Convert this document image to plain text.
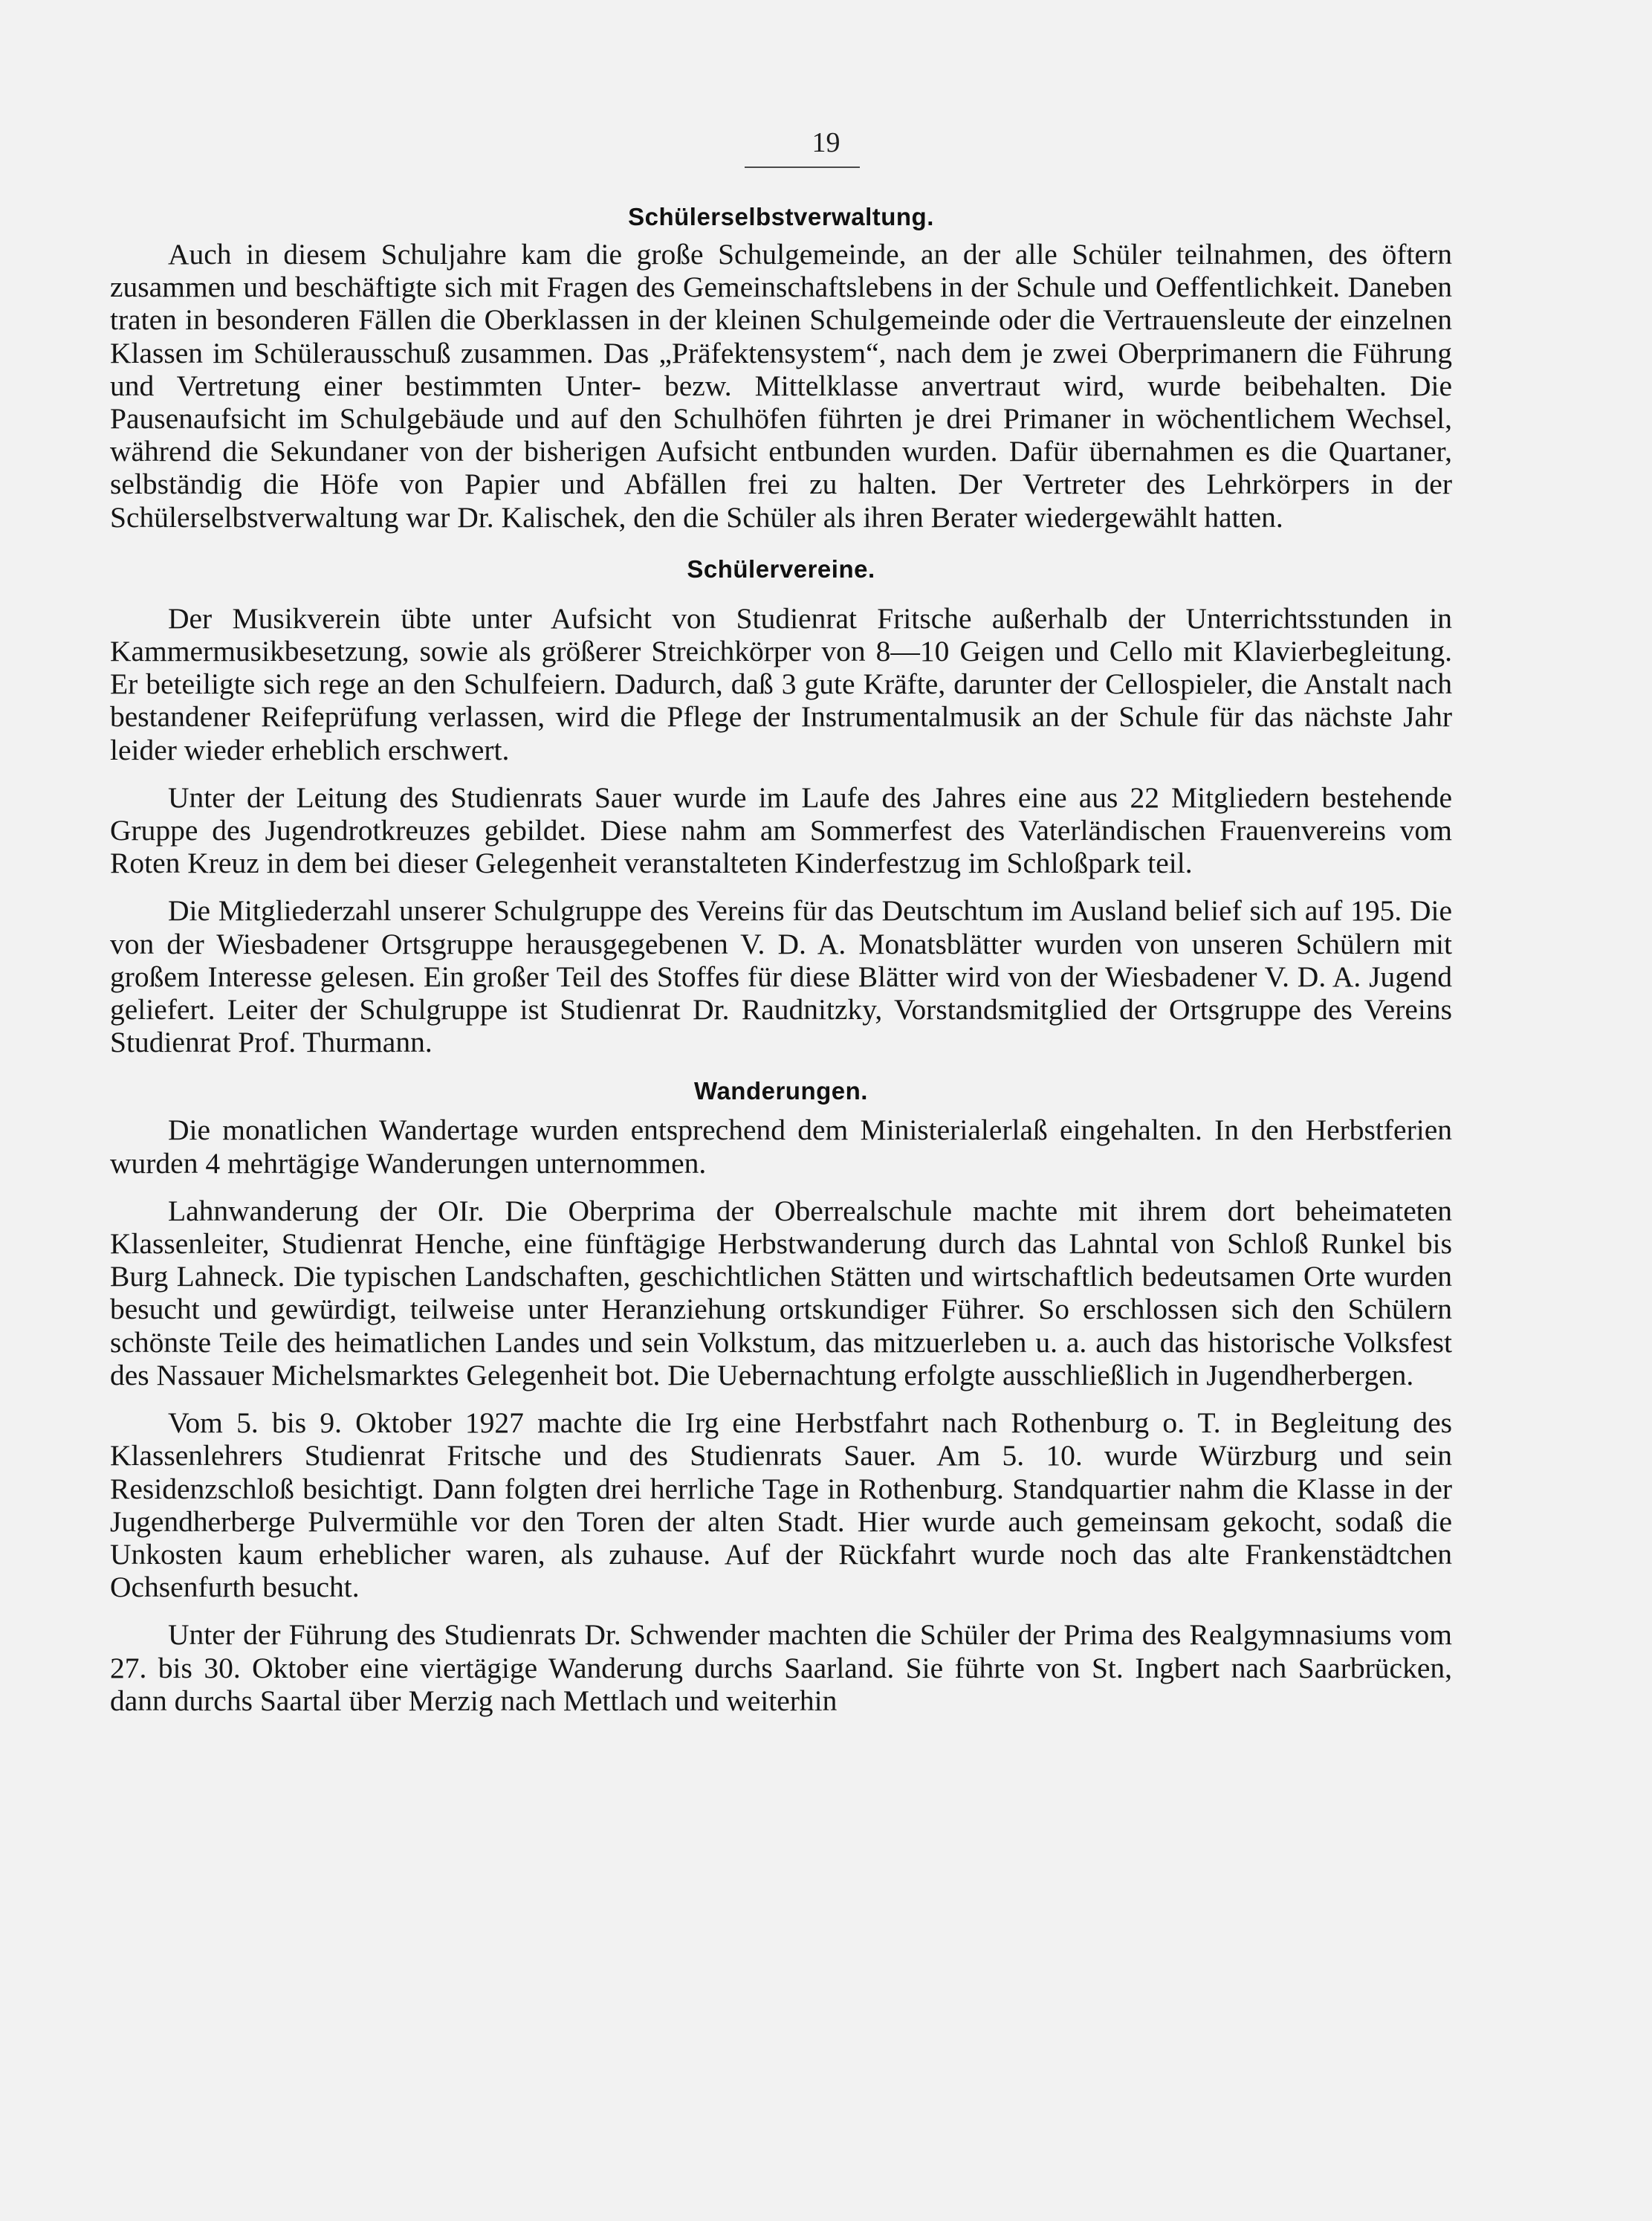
19
Schülerselbstverwaltung.

Auch in diesem Schuljahre kam die große Schulgemeinde, an der alle Schüler teilnahmen, des öftern zusammen und beschäftigte sich mit Fragen des Gemeinschaftslebens in der Schule und Oeffentlichkeit. Daneben traten in besonderen Fällen die Oberklassen in der kleinen Schulgemeinde oder die Vertrauensleute der einzelnen Klassen im Schülerausschuß zusammen. Das „Präfektensystem“, nach dem je zwei Oberprimanern die Führung und Vertretung einer bestimmten Unter- bezw. Mittelklasse anvertraut wird, wurde beibehalten. Die Pausenaufsicht im Schulgebäude und auf den Schulhöfen führten je drei Primaner in wöchentlichem Wechsel, während die Sekundaner von der bisherigen Aufsicht entbunden wurden. Dafür übernahmen es die Quartaner, selbständig die Höfe von Papier und Abfällen frei zu halten. Der Vertreter des Lehrkörpers in der Schülerselbstverwaltung war Dr. Kalischek, den die Schüler als ihren Berater wiedergewählt hatten.

Schülervereine.

Der Musikverein übte unter Aufsicht von Studienrat Fritsche außerhalb der Unterrichtsstunden in Kammermusikbesetzung, sowie als größerer Streichkörper von 8—10 Geigen und Cello mit Klavierbegleitung. Er beteiligte sich rege an den Schulfeiern. Dadurch, daß 3 gute Kräfte, darunter der Cellospieler, die Anstalt nach bestandener Reifeprüfung verlassen, wird die Pflege der Instrumentalmusik an der Schule für das nächste Jahr leider wieder erheblich erschwert.

Unter der Leitung des Studienrats Sauer wurde im Laufe des Jahres eine aus 22 Mitgliedern bestehende Gruppe des Jugendrotkreuzes gebildet. Diese nahm am Sommerfest des Vaterländischen Frauenvereins vom Roten Kreuz in dem bei dieser Gelegenheit veranstalteten Kinderfestzug im Schloßpark teil.

Die Mitgliederzahl unserer Schulgruppe des Vereins für das Deutschtum im Ausland belief sich auf 195. Die von der Wiesbadener Ortsgruppe herausgegebenen V. D. A. Monatsblätter wurden von unseren Schülern mit großem Interesse gelesen. Ein großer Teil des Stoffes für diese Blätter wird von der Wiesbadener V. D. A. Jugend geliefert. Leiter der Schulgruppe ist Studienrat Dr. Raudnitzky, Vorstandsmitglied der Ortsgruppe des Vereins Studienrat Prof. Thurmann.

Wanderungen.

Die monatlichen Wandertage wurden entsprechend dem Ministerialerlaß eingehalten. In den Herbstferien wurden 4 mehrtägige Wanderungen unternommen.

Lahnwanderung der OIr. Die Oberprima der Oberrealschule machte mit ihrem dort beheimateten Klassenleiter, Studienrat Henche, eine fünftägige Herbstwanderung durch das Lahntal von Schloß Runkel bis Burg Lahneck. Die typischen Landschaften, geschichtlichen Stätten und wirtschaftlich bedeutsamen Orte wurden besucht und gewürdigt, teilweise unter Heranziehung ortskundiger Führer. So erschlossen sich den Schülern schönste Teile des heimatlichen Landes und sein Volkstum, das mitzuerleben u. a. auch das historische Volksfest des Nassauer Michelsmarktes Gelegenheit bot. Die Uebernachtung erfolgte ausschließlich in Jugendherbergen.

Vom 5. bis 9. Oktober 1927 machte die Irg eine Herbstfahrt nach Rothenburg o. T. in Begleitung des Klassenlehrers Studienrat Fritsche und des Studienrats Sauer. Am 5. 10. wurde Würzburg und sein Residenzschloß besichtigt. Dann folgten drei herrliche Tage in Rothenburg. Standquartier nahm die Klasse in der Jugendherberge Pulvermühle vor den Toren der alten Stadt. Hier wurde auch gemeinsam gekocht, sodaß die Unkosten kaum erheblicher waren, als zuhause. Auf der Rückfahrt wurde noch das alte Frankenstädtchen Ochsenfurth besucht.

Unter der Führung des Studienrats Dr. Schwender machten die Schüler der Prima des Realgymnasiums vom 27. bis 30. Oktober eine viertägige Wanderung durchs Saarland. Sie führte von St. Ingbert nach Saarbrücken, dann durchs Saartal über Merzig nach Mettlach und weiterhin
